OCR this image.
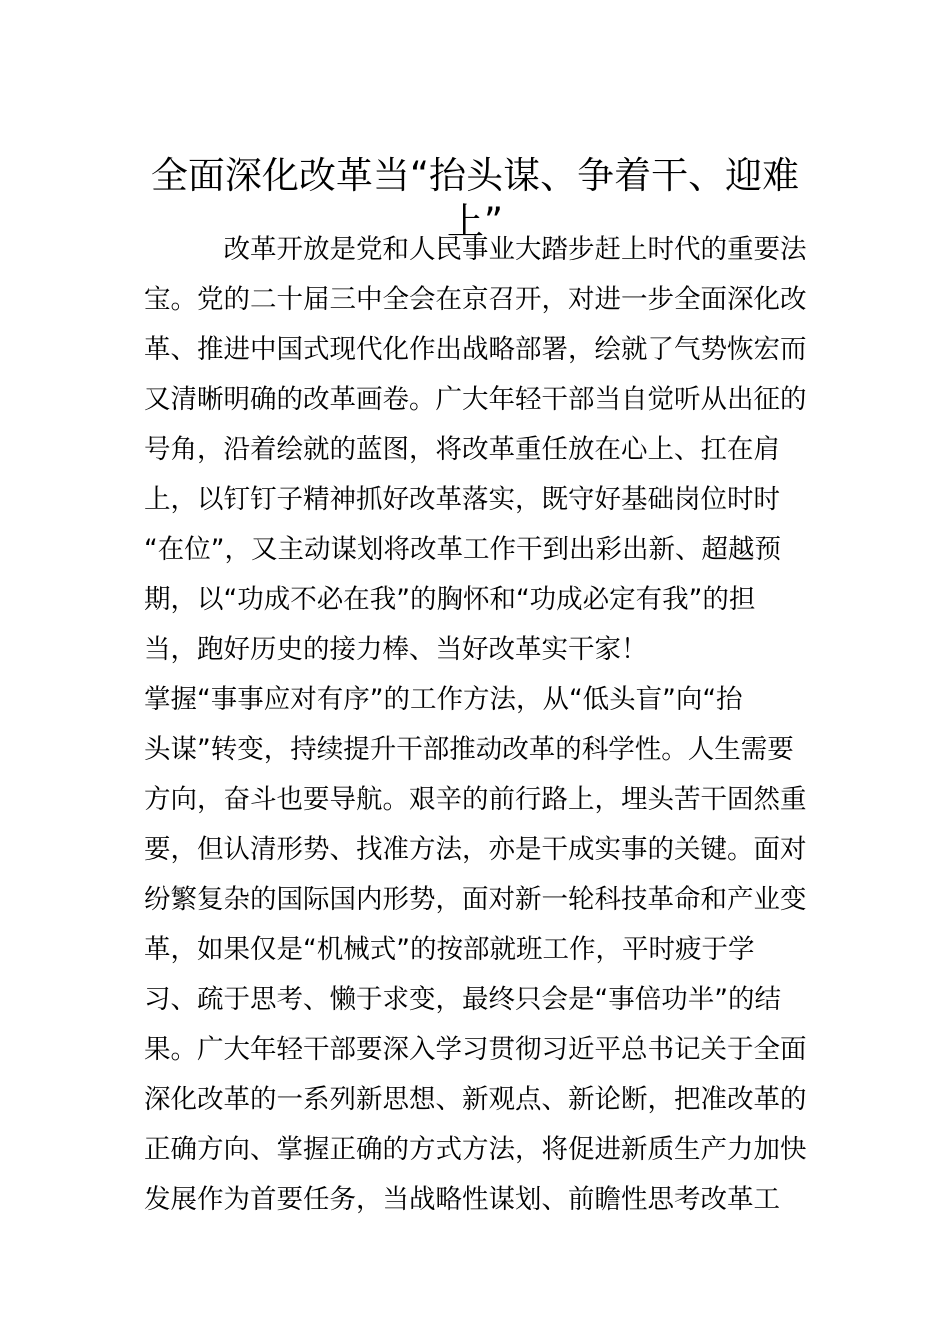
全面深化改革当“抬头谋、争着干、迎难上”
　　　改革开放是党和人民事业大踏步赶上时代的重要法
宝。党的二十届三中全会在京召开，对进一步全面深化改
革、推进中国式现代化作出战略部署，绘就了气势恢宏而
又清晰明确的改革画卷。广大年轻干部当自觉听从出征的
号角，沿着绘就的蓝图，将改革重任放在心上、扛在肩
上，以钉钉子精神抓好改革落实，既守好基础岗位时时
“在位”，又主动谋划将改革工作干到出彩出新、超越预
期，以“功成不必在我”的胸怀和“功成必定有我”的担
当，跑好历史的接力棒、当好改革实干家！
掌握“事事应对有序”的工作方法，从“低头盲”向“抬
头谋”转变，持续提升干部推动改革的科学性。人生需要
方向，奋斗也要导航。艰辛的前行路上，埋头苦干固然重
要，但认清形势、找准方法，亦是干成实事的关键。面对
纷繁复杂的国际国内形势，面对新一轮科技革命和产业变
革，如果仅是“机械式”的按部就班工作，平时疲于学
习、疏于思考、懒于求变，最终只会是“事倍功半”的结
果。广大年轻干部要深入学习贯彻习近平总书记关于全面
深化改革的一系列新思想、新观点、新论断，把准改革的
正确方向、掌握正确的方式方法，将促进新质生产力加快
发展作为首要任务，当战略性谋划、前瞻性思考改革工
